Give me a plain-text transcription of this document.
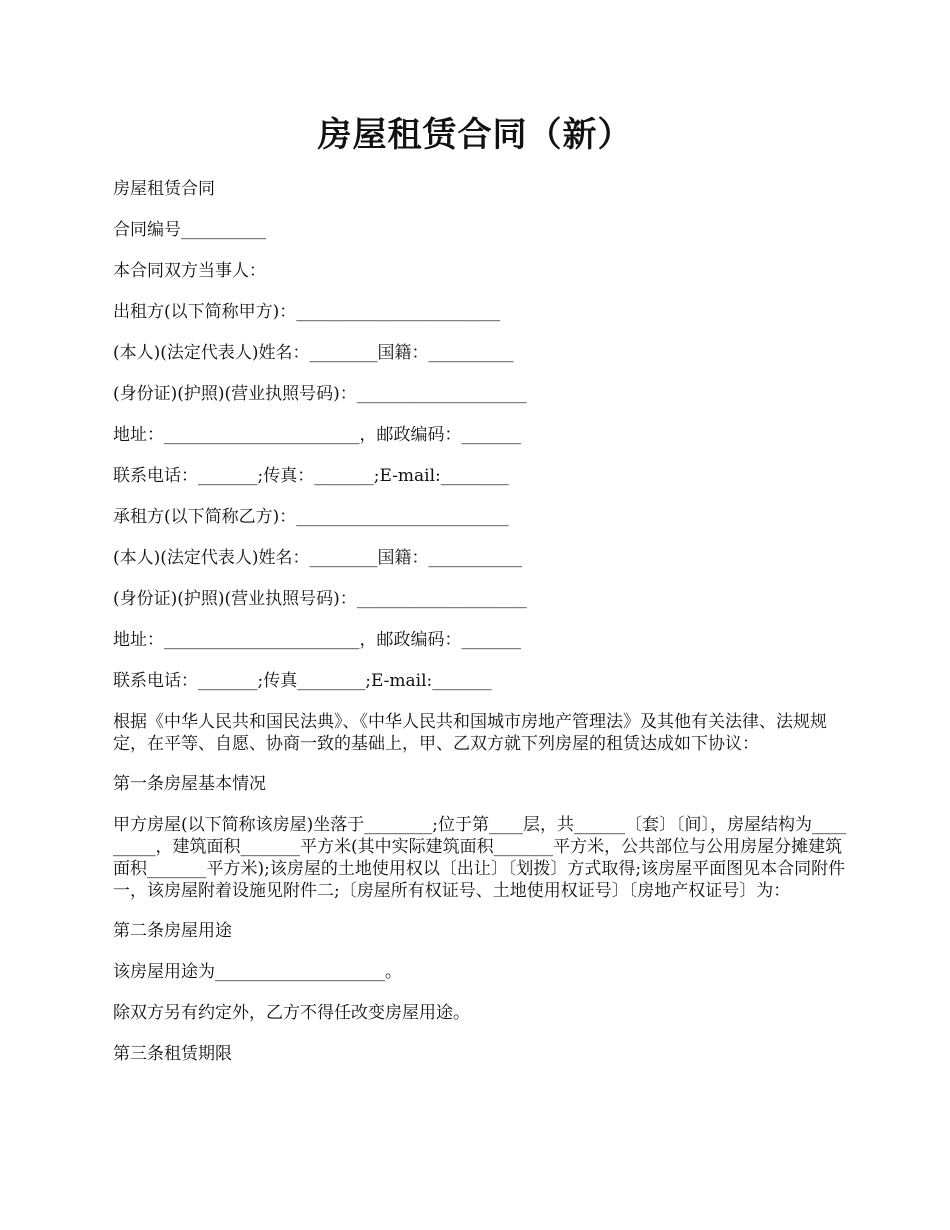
房屋租赁合同（新）

房屋租赁合同

合同编号__________

本合同双方当事人：

出租方(以下简称甲方)：________________________

(本人)(法定代表人)姓名：________国籍：__________

(身份证)(护照)(营业执照号码)：____________________

地址：_______________________，邮政编码：_______

联系电话：_______;传真：_______;E-mail:________

承租方(以下简称乙方)：_________________________

(本人)(法定代表人)姓名：________国籍：___________

(身份证)(护照)(营业执照号码)：____________________

地址：_______________________，邮政编码：_______

联系电话：_______;传真________;E-mail:_______

根据《中华人民共和国民法典》、《中华人民共和国城市房地产管理法》及其他有关法律、法规规定，在平等、自愿、协商一致的基础上，甲、乙双方就下列房屋的租赁达成如下协议：

第一条房屋基本情况

甲方房屋(以下简称该房屋)坐落于________;位于第____层，共______〔套〕〔间〕，房屋结构为_________，建筑面积_______平方米(其中实际建筑面积_______平方米，公共部位与公用房屋分摊建筑面积_______平方米);该房屋的土地使用权以〔出让〕〔划拨〕方式取得;该房屋平面图见本合同附件一，该房屋附着设施见附件二;〔房屋所有权证号、土地使用权证号〕〔房地产权证号〕为：

第二条房屋用途

该房屋用途为____________________。

除双方另有约定外，乙方不得任改变房屋用途。

第三条租赁期限
